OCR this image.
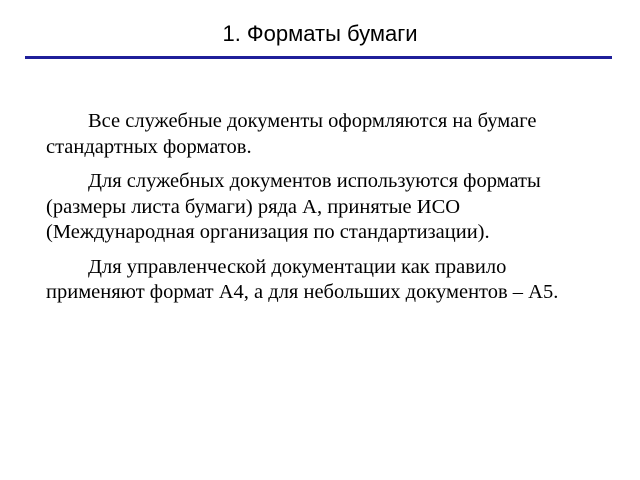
1. Форматы бумаги

Все служебные документы оформляются на бумаге стандартных форматов.

Для служебных документов используются форматы (размеры листа бумаги) ряда А, принятые ИСО (Международная организация по стандартизации).

Для управленческой документации как правило применяют формат А4, а для небольших документов – А5.
